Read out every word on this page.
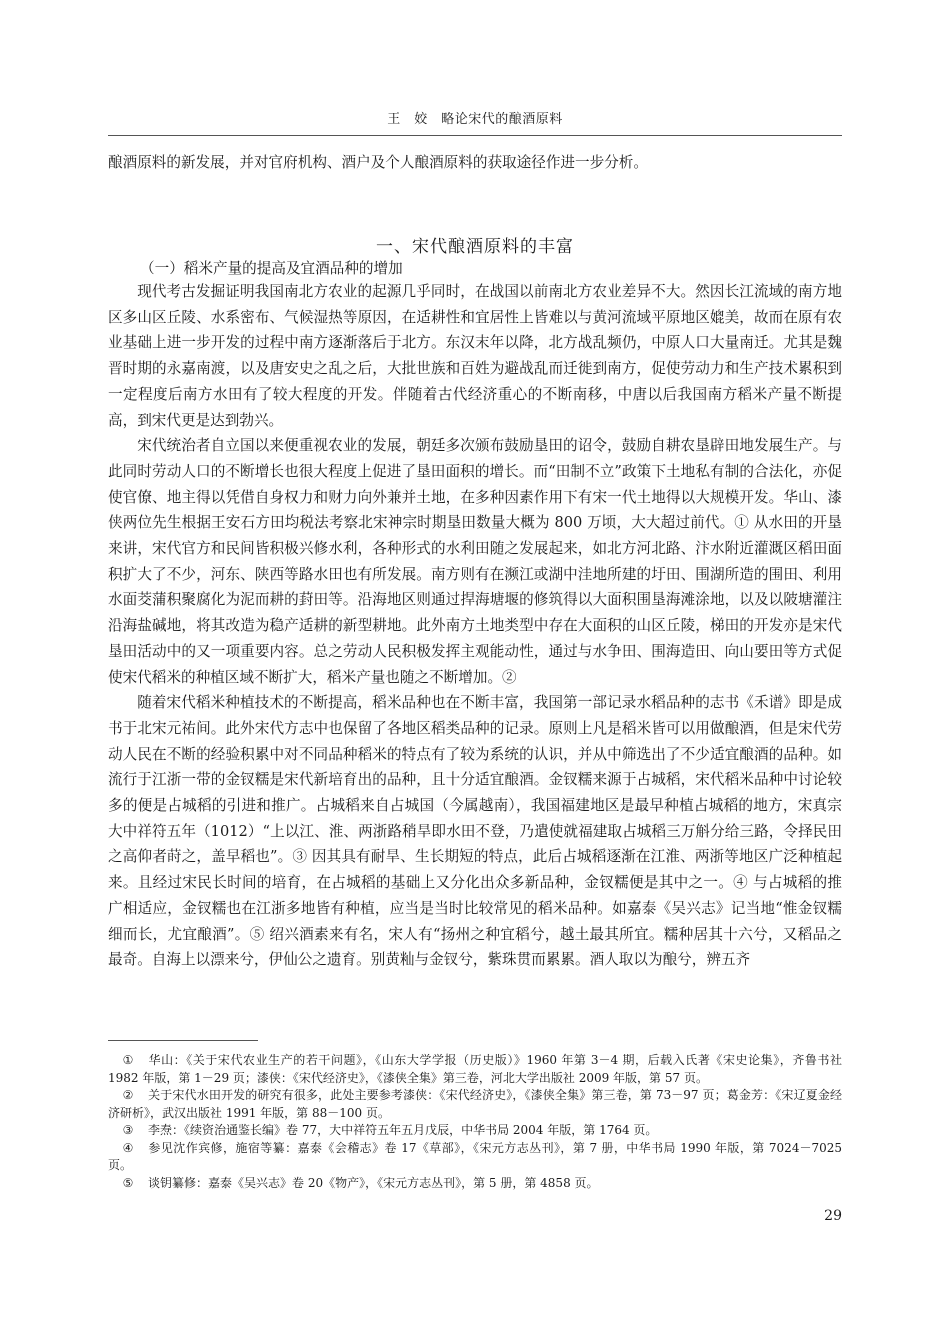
王　姣　略论宋代的酿酒原料

酿酒原料的新发展，并对官府机构、酒户及个人酿酒原料的获取途径作进一步分析。

一、宋代酿酒原料的丰富
（一）稻米产量的提高及宜酒品种的增加

现代考古发掘证明我国南北方农业的起源几乎同时，在战国以前南北方农业差异不大。然因长江流域的南方地区多山区丘陵、水系密布、气候湿热等原因，在适耕性和宜居性上皆难以与黄河流域平原地区媲美，故而在原有农业基础上进一步开发的过程中南方逐渐落后于北方。东汉末年以降，北方战乱频仍，中原人口大量南迁。尤其是魏晋时期的永嘉南渡，以及唐安史之乱之后，大批世族和百姓为避战乱而迁徙到南方，促使劳动力和生产技术累积到一定程度后南方水田有了较大程度的开发。伴随着古代经济重心的不断南移，中唐以后我国南方稻米产量不断提高，到宋代更是达到勃兴。

宋代统治者自立国以来便重视农业的发展，朝廷多次颁布鼓励垦田的诏令，鼓励自耕农垦辟田地发展生产。与此同时劳动人口的不断增长也很大程度上促进了垦田面积的增长。而“田制不立”政策下土地私有制的合法化，亦促使官僚、地主得以凭借自身权力和财力向外兼并土地，在多种因素作用下有宋一代土地得以大规模开发。华山、漆侠两位先生根据王安石方田均税法考察北宋神宗时期垦田数量大概为 800 万顷，大大超过前代。① 从水田的开垦来讲，宋代官方和民间皆积极兴修水利，各种形式的水利田随之发展起来，如北方河北路、汴水附近灌溉区稻田面积扩大了不少，河东、陕西等路水田也有所发展。南方则有在濒江或湖中洼地所建的圩田、围湖所造的围田、利用水面茭蒲积聚腐化为泥而耕的葑田等。沿海地区则通过捍海塘堰的修筑得以大面积围垦海滩涂地，以及以陂塘灌注沿海盐碱地，将其改造为稳产适耕的新型耕地。此外南方土地类型中存在大面积的山区丘陵，梯田的开发亦是宋代垦田活动中的又一项重要内容。总之劳动人民积极发挥主观能动性，通过与水争田、围海造田、向山要田等方式促使宋代稻米的种植区域不断扩大，稻米产量也随之不断增加。②

随着宋代稻米种植技术的不断提高，稻米品种也在不断丰富，我国第一部记录水稻品种的志书《禾谱》即是成书于北宋元祐间。此外宋代方志中也保留了各地区稻类品种的记录。原则上凡是稻米皆可以用做酿酒，但是宋代劳动人民在不断的经验积累中对不同品种稻米的特点有了较为系统的认识，并从中筛选出了不少适宜酿酒的品种。如流行于江浙一带的金钗糯是宋代新培育出的品种，且十分适宜酿酒。金钗糯来源于占城稻，宋代稻米品种中讨论较多的便是占城稻的引进和推广。占城稻来自占城国（今属越南），我国福建地区是最早种植占城稻的地方，宋真宗大中祥符五年（1012）“上以江、淮、两浙路稍旱即水田不登，乃遣使就福建取占城稻三万斛分给三路，令择民田之高仰者莳之，盖早稻也”。③ 因其具有耐旱、生长期短的特点，此后占城稻逐渐在江淮、两浙等地区广泛种植起来。且经过宋民长时间的培育，在占城稻的基础上又分化出众多新品种，金钗糯便是其中之一。④ 与占城稻的推广相适应，金钗糯也在江浙多地皆有种植，应当是当时比较常见的稻米品种。如嘉泰《吴兴志》记当地“惟金钗糯细而长，尤宜酿酒”。⑤ 绍兴酒素来有名，宋人有“扬州之种宜稻兮，越土最其所宜。糯种居其十六兮，又稻品之最奇。自海上以漂来兮，伊仙公之遗育。别黄籼与金钗兮，紫珠贯而累累。酒人取以为酿兮，辨五齐

① 华山：《关于宋代农业生产的若干问题》，《山东大学学报（历史版）》1960 年第 3－4 期，后载入氏著《宋史论集》，齐鲁书社 1982 年版，第 1－29 页；漆侠：《宋代经济史》，《漆侠全集》第三卷，河北大学出版社 2009 年版，第 57 页。

② 关于宋代水田开发的研究有很多，此处主要参考漆侠：《宋代经济史》，《漆侠全集》第三卷，第 73－97 页；葛金芳：《宋辽夏金经济研析》，武汉出版社 1991 年版，第 88－100 页。

③ 李焘：《续资治通鉴长编》卷 77，大中祥符五年五月戊辰，中华书局 2004 年版，第 1764 页。

④ 参见沈作宾修，施宿等纂：嘉泰《会稽志》卷 17《草部》，《宋元方志丛刊》，第 7 册，中华书局 1990 年版，第 7024－7025 页。

⑤ 谈钥纂修：嘉泰《吴兴志》卷 20《物产》，《宋元方志丛刊》，第 5 册，第 4858 页。

29
